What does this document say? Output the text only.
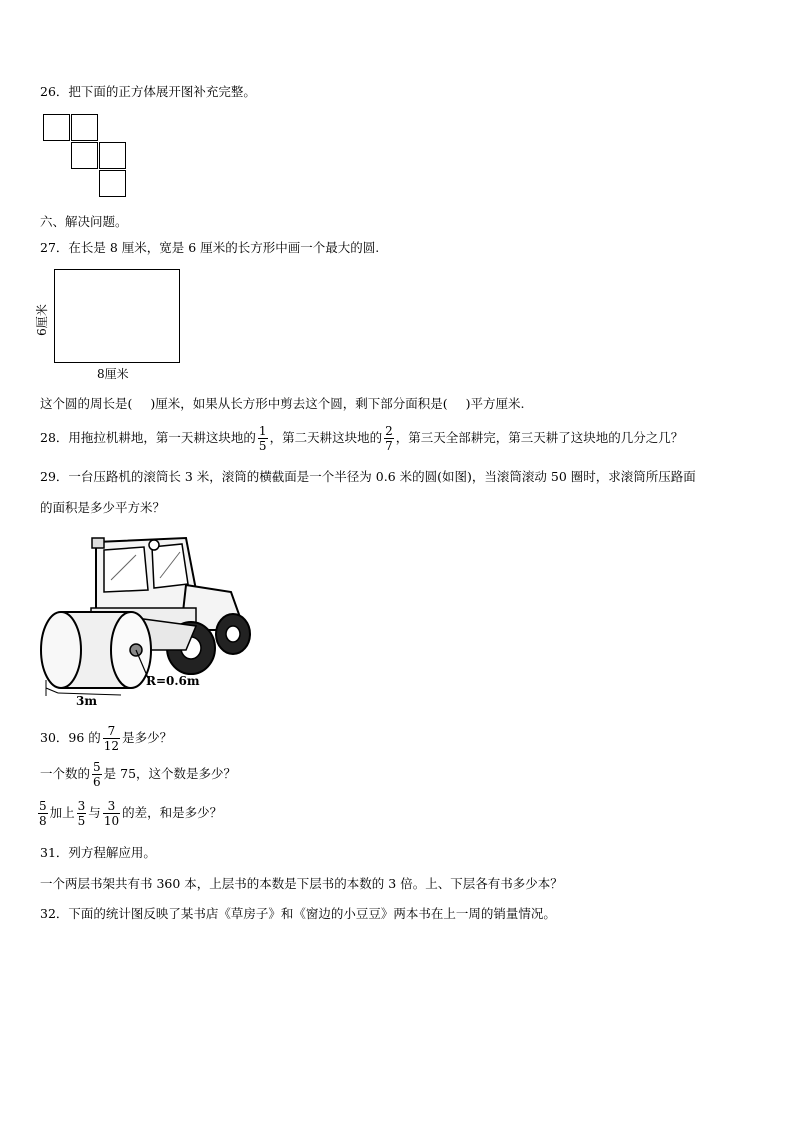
26．把下面的正方体展开图补充完整。
六、解决问题。
27．在长是 8 厘米，宽是 6 厘米的长方形中画一个最大的圆.
6厘米
8厘米
这个圆的周长是( )厘米，如果从长方形中剪去这个圆，剩下部分面积是( )平方厘米.
28．用拖拉机耕地，第一天耕这块地的 $\frac{1}{5}$ ，第二天耕这块地的 $\frac{2}{7}$ ，第三天全部耕完，第三天耕了这块地的几分之几？
29．一台压路机的滚筒长 3 米，滚筒的横截面是一个半径为 0.6 米的圆(如图)，当滚筒滚动 50 圈时，求滚筒所压路面
的面积是多少平方米？
R=0.6m
3m
30．96 的 $\frac{7}{12}$ 是多少？
一个数的 $\frac{5}{6}$ 是 75，这个数是多少？
$\frac{5}{8}$ 加上 $\frac{3}{5}$ 与 $\frac{3}{10}$ 的差，和是多少？
31．列方程解应用。
一个两层书架共有书 360 本，上层书的本数是下层书的本数的 3 倍。上、下层各有书多少本？
32．下面的统计图反映了某书店《草房子》和《窗边的小豆豆》两本书在上一周的销量情况。
